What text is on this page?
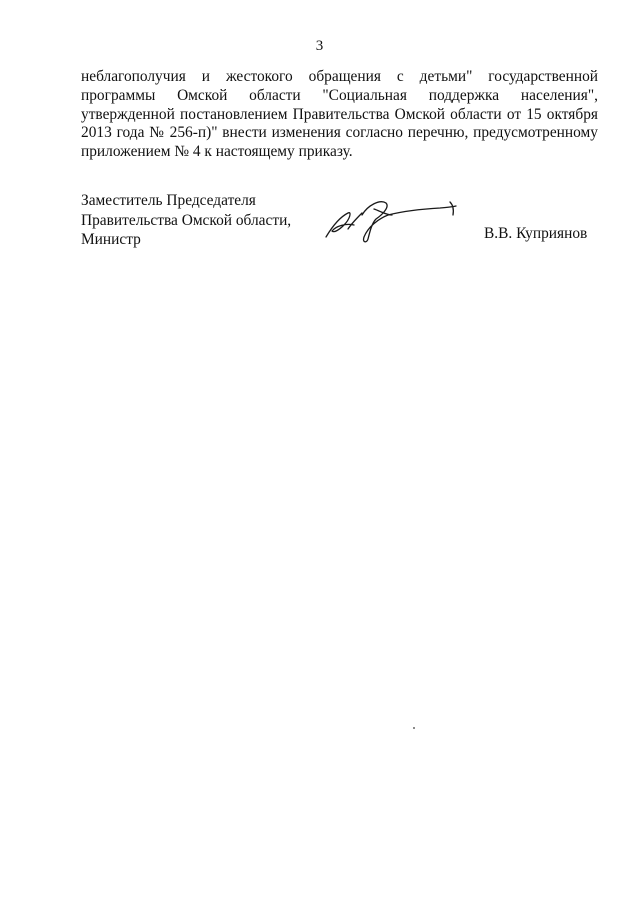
3
неблагополучия и жестокого обращения с детьми" государственной
программы Омской области "Социальная поддержка населения",
утвержденной постановлением Правительства Омской области от 15 октября
2013 года № 256-п)" внести изменения согласно перечню, предусмотренному
приложением № 4 к настоящему приказу.
Заместитель Председателя
Правительства Омской области,
Министр	В.В. Куприянов
